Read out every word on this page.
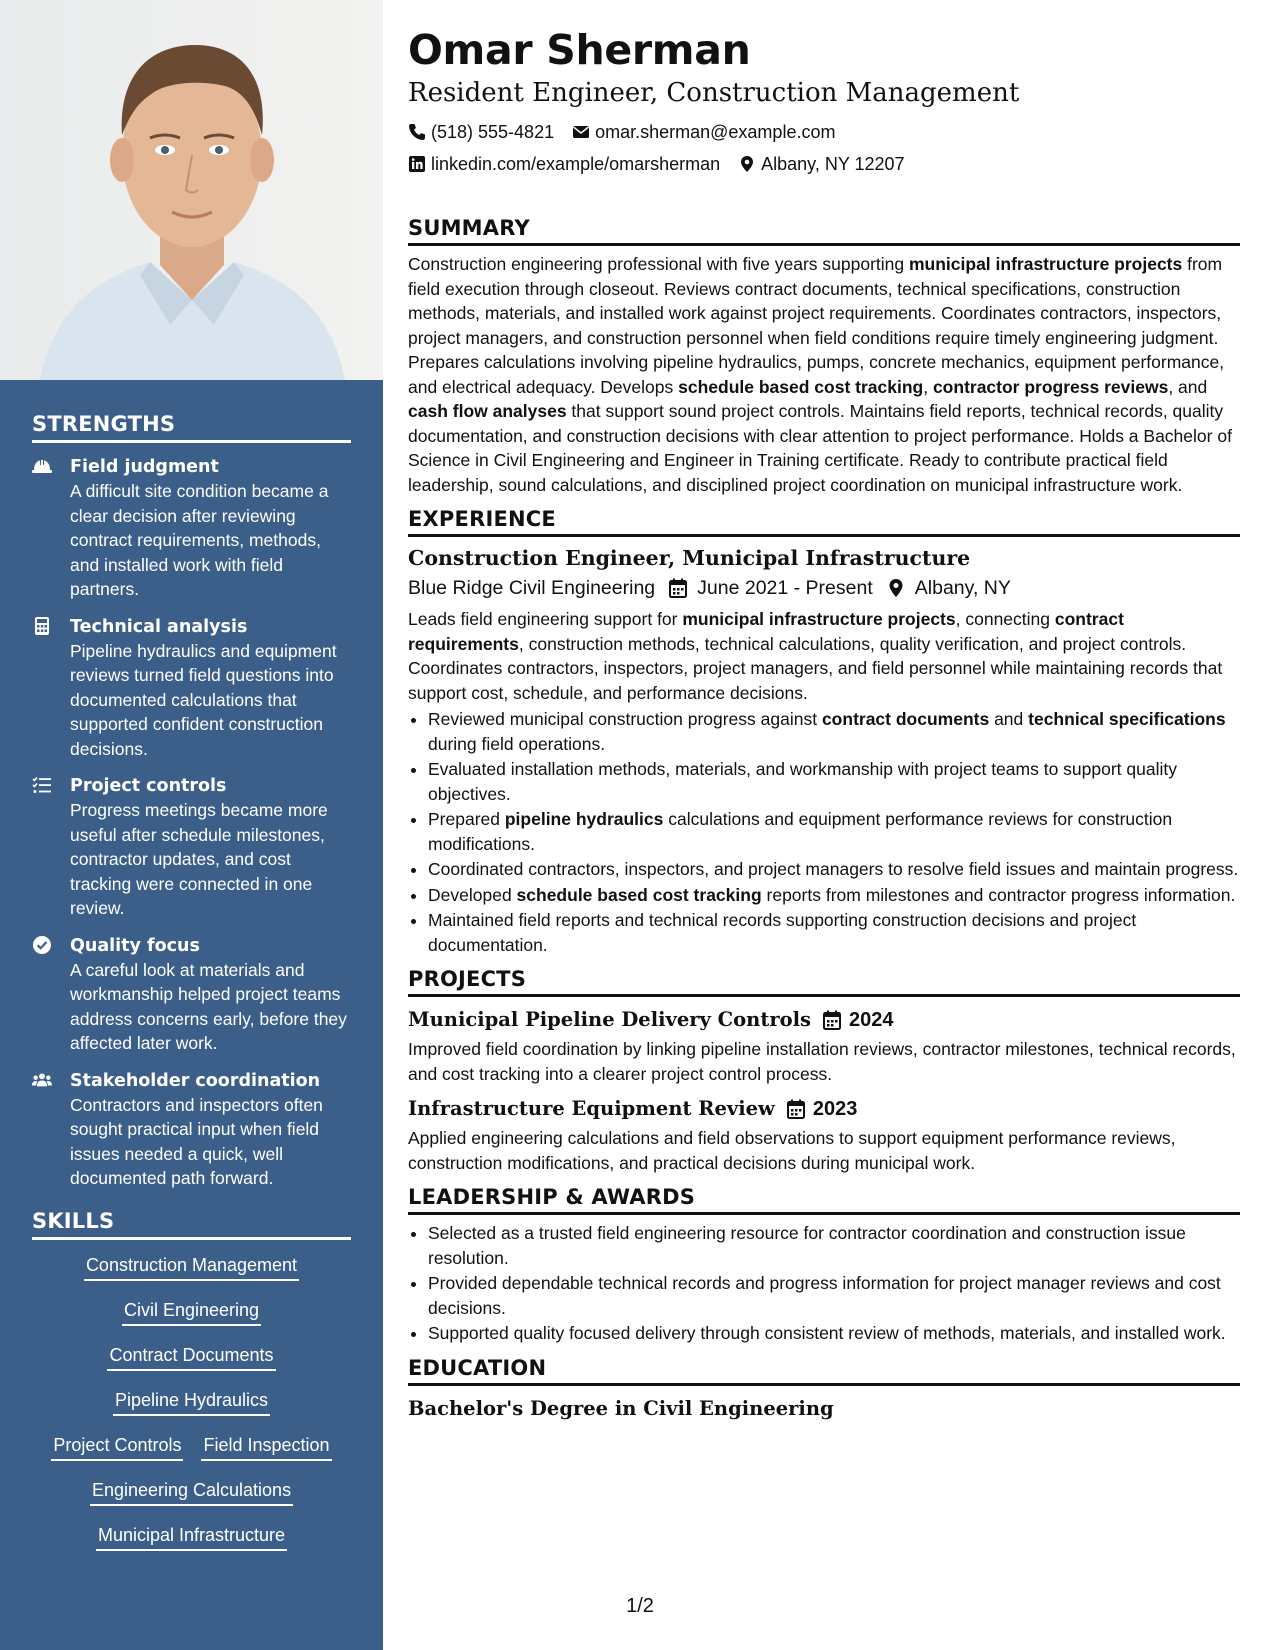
STRENGTHS
Field judgment
A difficult site condition became a clear decision after reviewing contract requirements, methods, and installed work with field partners.
Technical analysis
Pipeline hydraulics and equipment reviews turned field questions into documented calculations that supported confident construction decisions.
Project controls
Progress meetings became more useful after schedule milestones, contractor updates, and cost tracking were connected in one review.
Quality focus
A careful look at materials and workmanship helped project teams address concerns early, before they affected later work.
Stakeholder coordination
Contractors and inspectors often sought practical input when field issues needed a quick, well documented path forward.
SKILLS
Construction Management
Civil Engineering
Contract Documents
Pipeline Hydraulics
Project Controls Field Inspection
Engineering Calculations
Municipal Infrastructure
Omar Sherman
Resident Engineer, Construction Management
(518) 555-4821 omar.sherman@example.com
linkedin.com/example/omarsherman Albany, NY 12207
SUMMARY

Construction engineering professional with five years supporting municipal infrastructure projects from field execution through closeout. Reviews contract documents, technical specifications, construction methods, materials, and installed work against project requirements. Coordinates contractors, inspectors, project managers, and construction personnel when field conditions require timely engineering judgment. Prepares calculations involving pipeline hydraulics, pumps, concrete mechanics, equipment performance, and electrical adequacy. Develops schedule based cost tracking, contractor progress reviews, and cash flow analyses that support sound project controls. Maintains field reports, technical records, quality documentation, and construction decisions with clear attention to project performance. Holds a Bachelor of Science in Civil Engineering and Engineer in Training certificate. Ready to contribute practical field leadership, sound calculations, and disciplined project coordination on municipal infrastructure work.

EXPERIENCE
Construction Engineer, Municipal Infrastructure
Blue Ridge Civil Engineering June 2021 - Present Albany, NY

Leads field engineering support for municipal infrastructure projects, connecting contract requirements, construction methods, technical calculations, quality verification, and project controls. Coordinates contractors, inspectors, project managers, and field personnel while maintaining records that support cost, schedule, and performance decisions.

• Reviewed municipal construction progress against contract documents and technical specifications during field operations.
• Evaluated installation methods, materials, and workmanship with project teams to support quality objectives.
• Prepared pipeline hydraulics calculations and equipment performance reviews for construction modifications.
• Coordinated contractors, inspectors, and project managers to resolve field issues and maintain progress.
• Developed schedule based cost tracking reports from milestones and contractor progress information.
• Maintained field reports and technical records supporting construction decisions and project documentation.
PROJECTS
Municipal Pipeline Delivery Controls 2024

Improved field coordination by linking pipeline installation reviews, contractor milestones, technical records, and cost tracking into a clearer project control process.

Infrastructure Equipment Review 2023

Applied engineering calculations and field observations to support equipment performance reviews, construction modifications, and practical decisions during municipal work.

LEADERSHIP & AWARDS
• Selected as a trusted field engineering resource for contractor coordination and construction issue resolution.
• Provided dependable technical records and progress information for project manager reviews and cost decisions.
• Supported quality focused delivery through consistent review of methods, materials, and installed work.
EDUCATION
Bachelor's Degree in Civil Engineering
1/2
